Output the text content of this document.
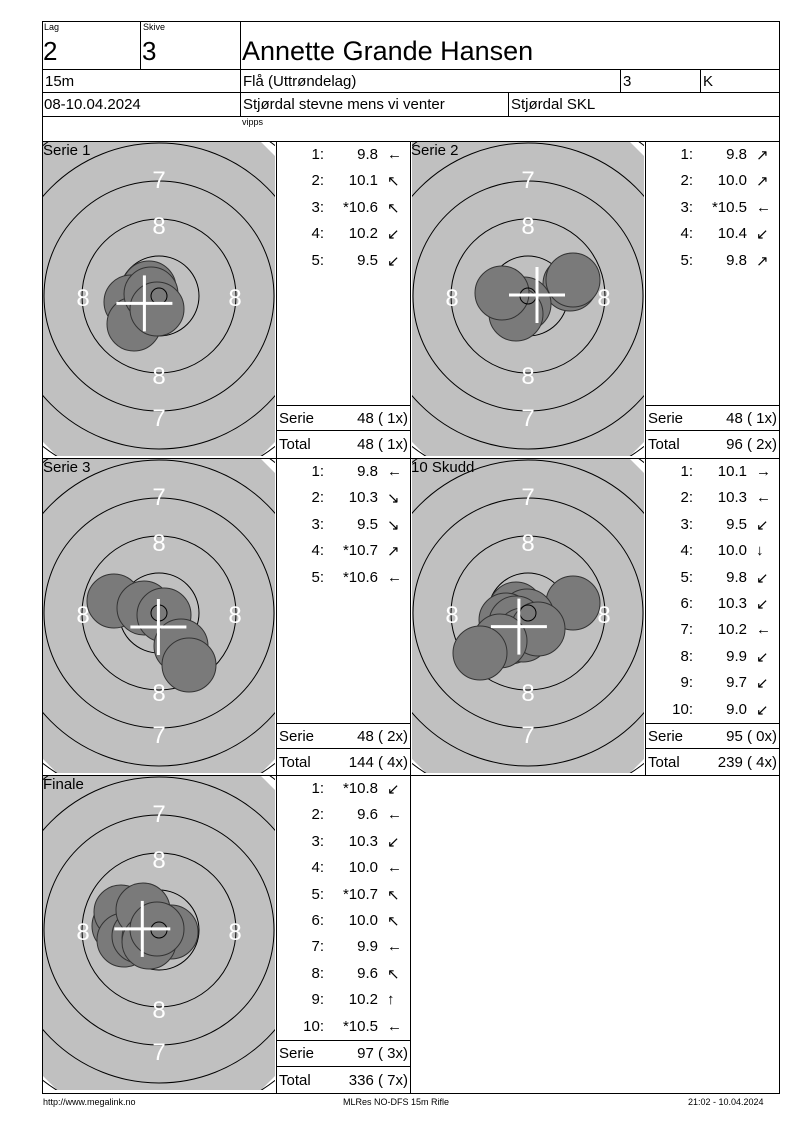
Lag
2
Skive
3	Annette Grande Hansen
15m	Flå (Uttrøndelag)	3	K
08-10.04.2024	Stjørdal stevne mens vi venter	Stjørdal SKL
vipps
7
8
8
7
8	8
Serie 1	1: 9.8 ←
2: 10.1 ↖
3: *10.6 ↖
4: 10.2 ↙
5: 9.5 ↙
Serie	48 ( 1x)
Total	48 ( 1x)
7
8
8
7
8	8
Serie 2	1: 9.8 ↗
2: 10.0 ↗
3: *10.5 ←
4: 10.4 ↙
5: 9.8 ↗
Serie	48 ( 1x)
Total	96 ( 2x)
7
8
8
7
8	8
Serie 3	1: 9.8 ←
2: 10.3 ↘
3: 9.5 ↘
4: *10.7 ↗
5: *10.6 ←
Serie	48 ( 2x)
Total	144 ( 4x)
7
8
8
7
8	8
10 Skudd	1: 10.1 →
2: 10.3 ←
3: 9.5 ↙
4: 10.0 ↓
5: 9.8 ↙
6: 10.3 ↙
7: 10.2 ←
8: 9.9 ↙
9: 9.7 ↙
10: 9.0 ↙
Serie	95 ( 0x)
Total	239 ( 4x)
7
8
8
7
8	8
Finale	1: *10.8 ↙
2: 9.6 ←
3: 10.3 ↙
4: 10.0 ←
5: *10.7 ↖
6: 10.0 ↖
7: 9.9 ←
8: 9.6 ↖
9: 10.2 ↑
10: *10.5 ←
Serie	97 ( 3x)
Total	336 ( 7x)
http://www.megalink.no	MLRes NO-DFS 15m Rifle	21:02 - 10.04.2024
